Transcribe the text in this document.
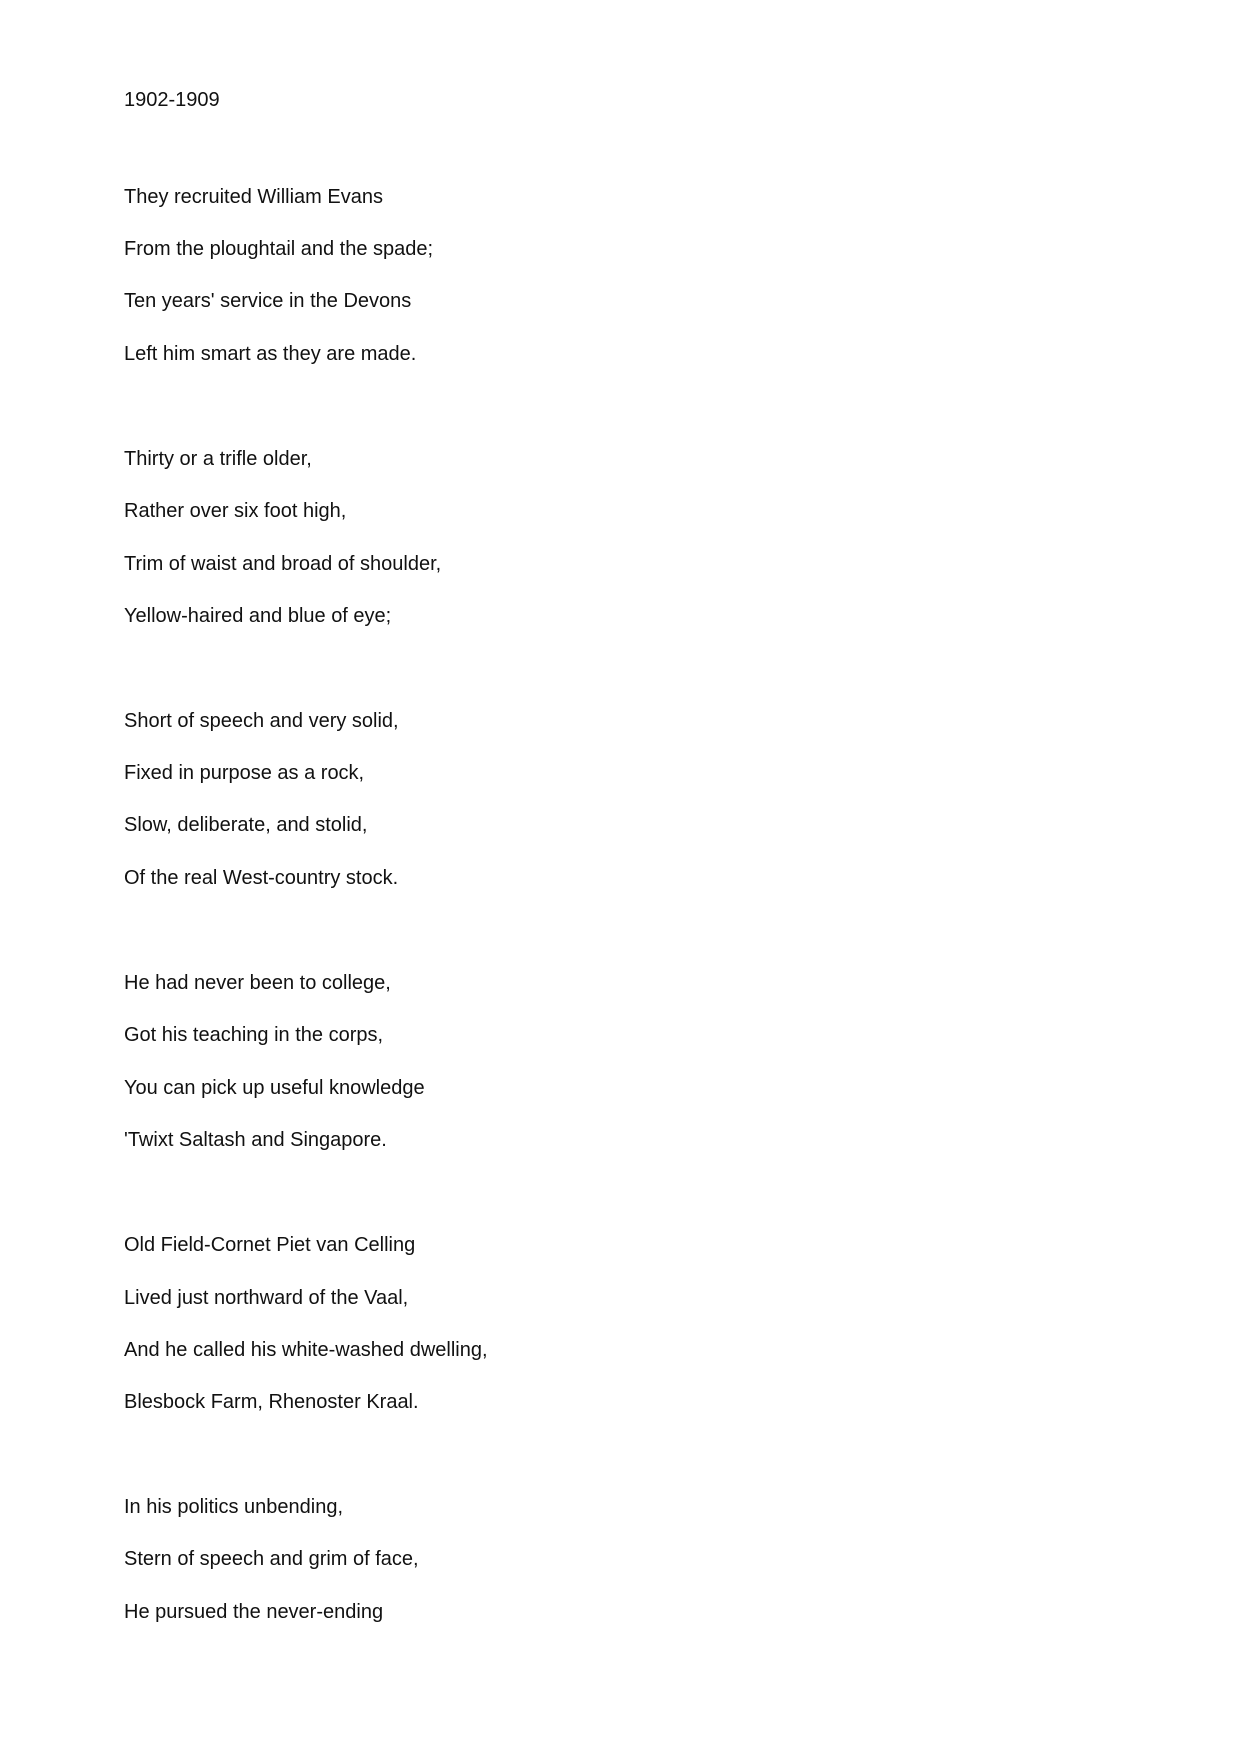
1902-1909
They recruited William Evans
From the ploughtail and the spade;
Ten years' service in the Devons
Left him smart as they are made.
Thirty or a trifle older,
Rather over six foot high,
Trim of waist and broad of shoulder,
Yellow-haired and blue of eye;
Short of speech and very solid,
Fixed in purpose as a rock,
Slow, deliberate, and stolid,
Of the real West-country stock.
He had never been to college,
Got his teaching in the corps,
You can pick up useful knowledge
'Twixt Saltash and Singapore.
Old Field-Cornet Piet van Celling
Lived just northward of the Vaal,
And he called his white-washed dwelling,
Blesbock Farm, Rhenoster Kraal.
In his politics unbending,
Stern of speech and grim of face,
He pursued the never-ending
